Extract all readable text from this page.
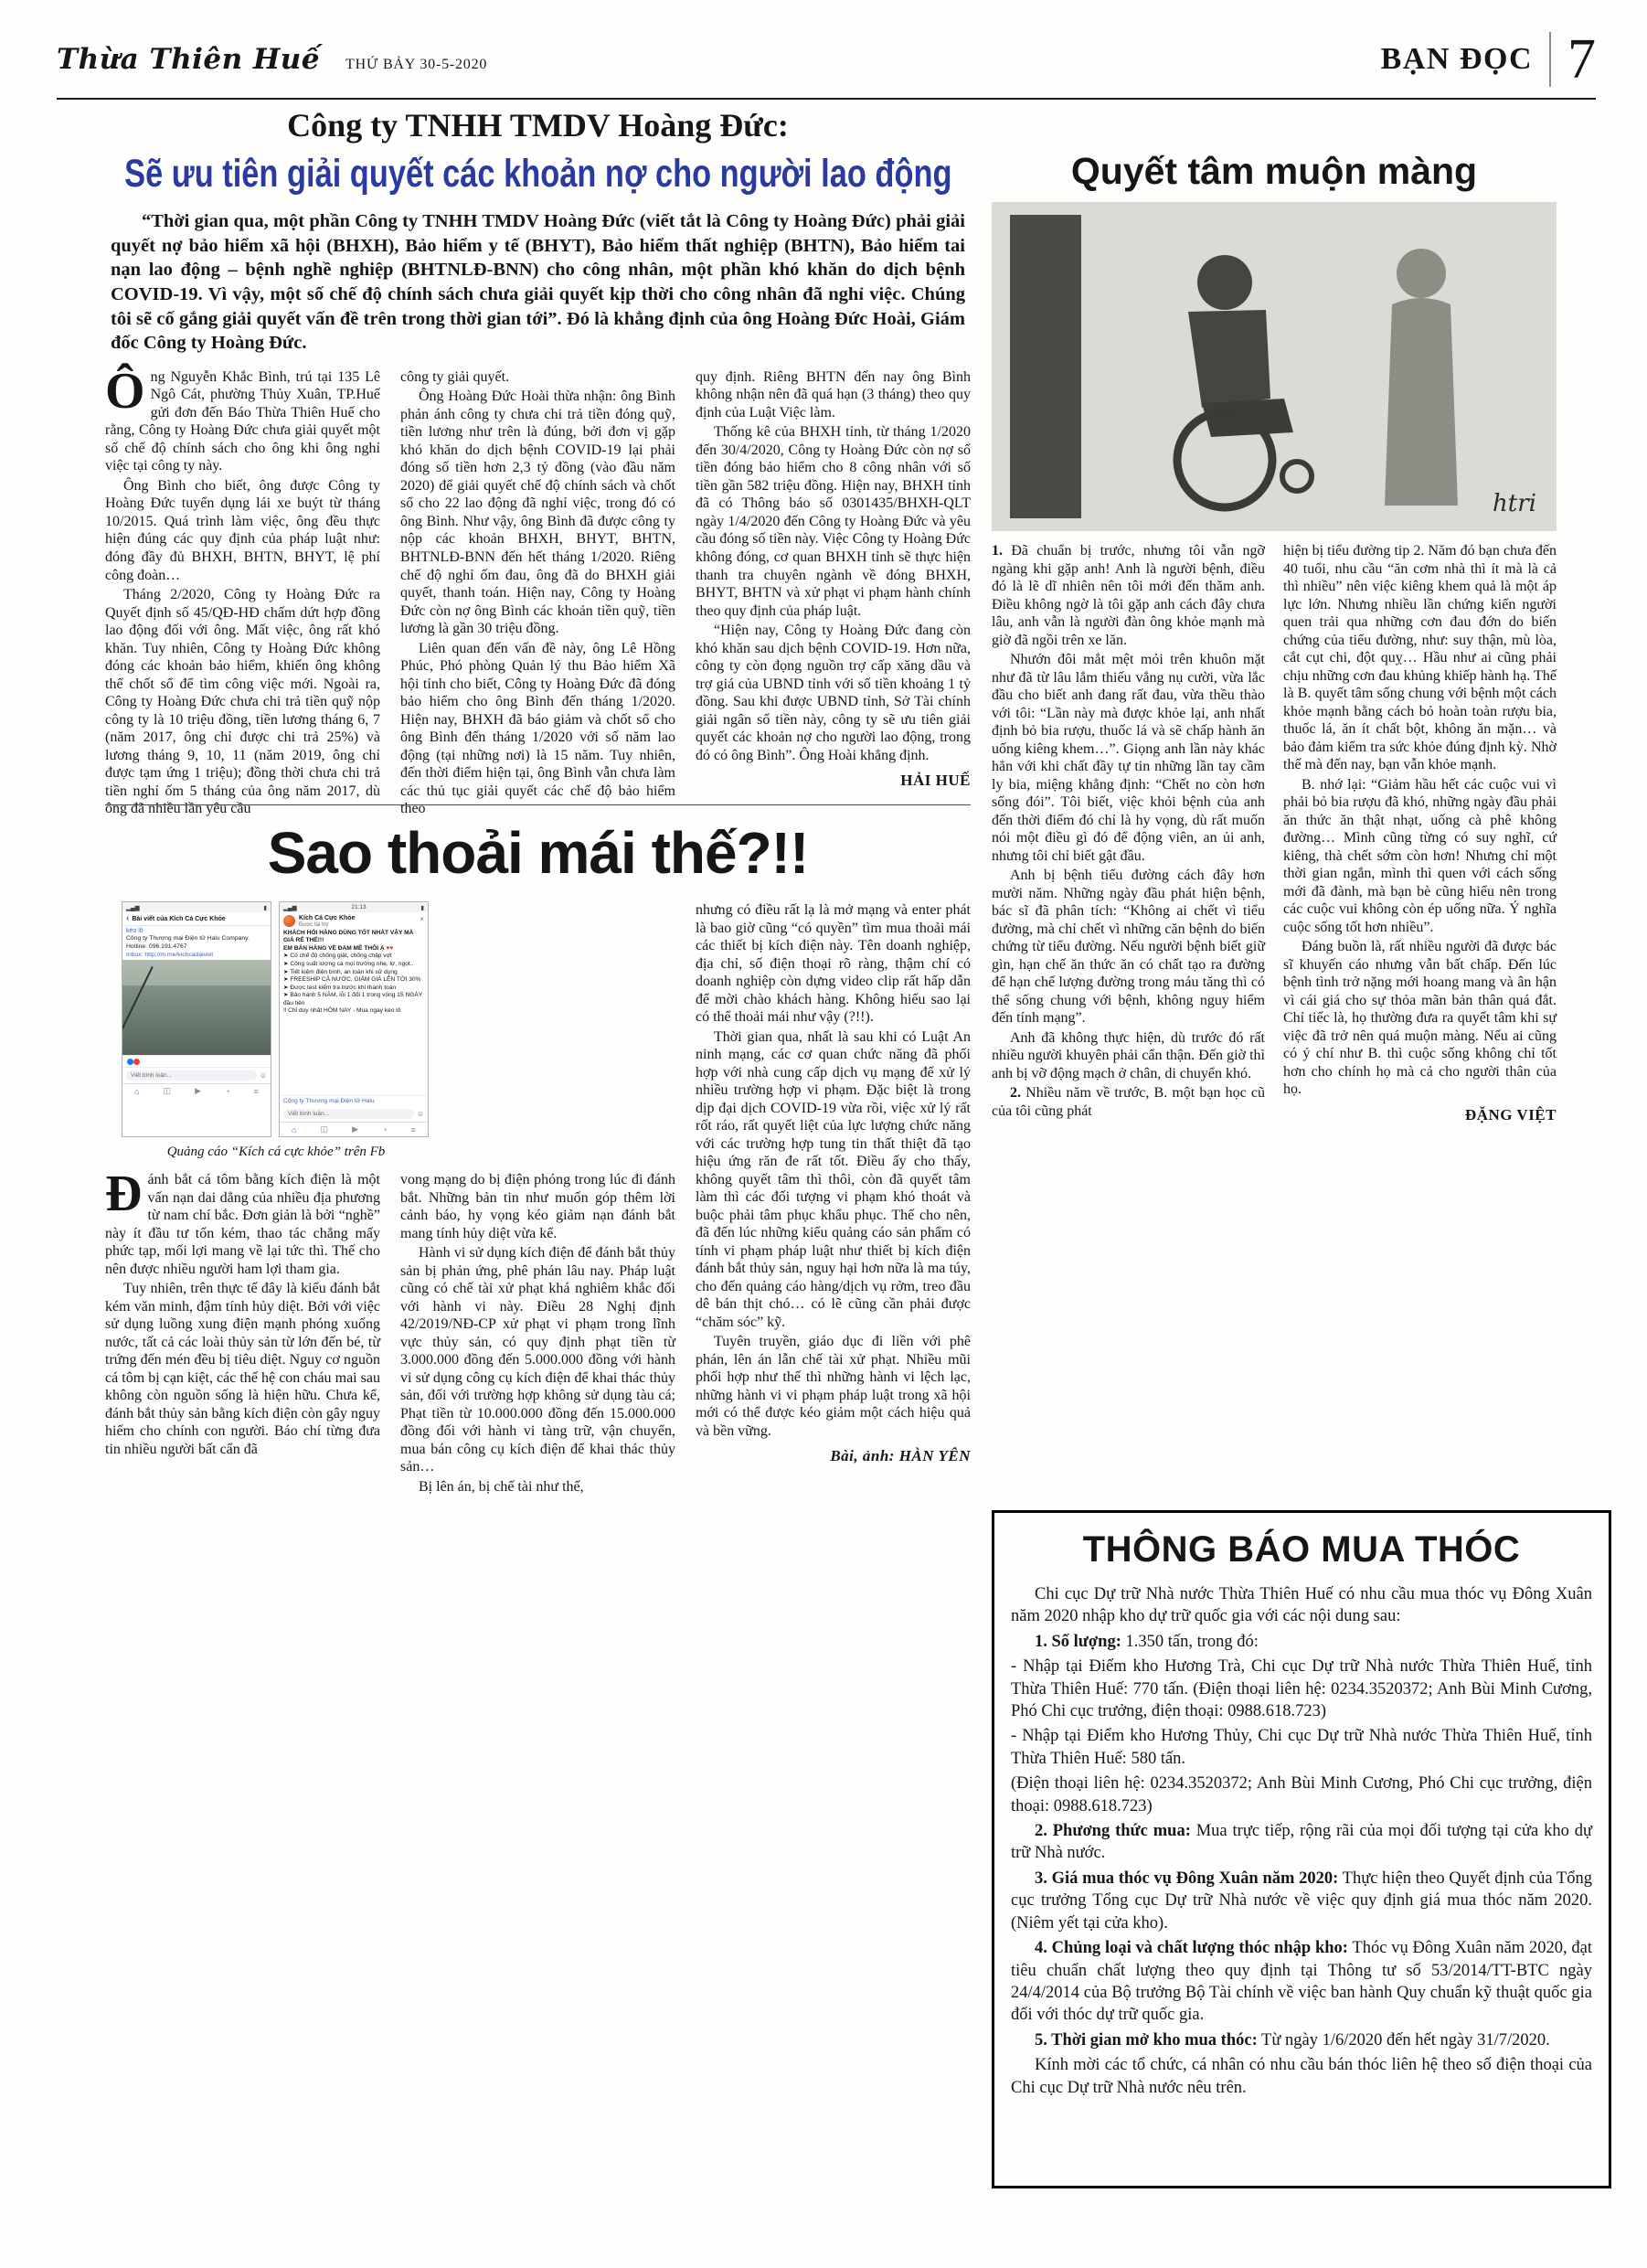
Thừa Thiên Huế THỨ BẢY 30-5-2020	BẠN ĐỌC 7
Công ty TNHH TMDV Hoàng Đức:
Sẽ ưu tiên giải quyết các khoản nợ cho người lao động

“Thời gian qua, một phần Công ty TNHH TMDV Hoàng Đức (viết tắt là Công ty Hoàng Đức) phải giải quyết nợ bảo hiểm xã hội (BHXH), Bảo hiểm y tế (BHYT), Bảo hiểm thất nghiệp (BHTN), Bảo hiểm tai nạn lao động – bệnh nghề nghiệp (BHTNLĐ-BNN) cho công nhân, một phần khó khăn do dịch bệnh COVID-19. Vì vậy, một số chế độ chính sách chưa giải quyết kịp thời cho công nhân đã nghỉ việc. Chúng tôi sẽ cố gắng giải quyết vấn đề trên trong thời gian tới”. Đó là khẳng định của ông Hoàng Đức Hoài, Giám đốc Công ty Hoàng Đức.

Ông Nguyễn Khắc Bình, trú tại 135 Lê Ngô Cát, phường Thủy Xuân, TP.Huế gửi đơn đến Báo Thừa Thiên Huế cho rằng, Công ty Hoàng Đức chưa giải quyết một số chế độ chính sách cho ông khi ông nghỉ việc tại công ty này.

Ông Bình cho biết, ông được Công ty Hoàng Đức tuyển dụng lái xe buýt từ tháng 10/2015. Quá trình làm việc, ông đều thực hiện đúng các quy định của pháp luật như: đóng đầy đủ BHXH, BHTN, BHYT, lệ phí công đoàn…

Tháng 2/2020, Công ty Hoàng Đức ra Quyết định số 45/QĐ-HĐ chấm dứt hợp đồng lao động đối với ông. Mất việc, ông rất khó khăn. Tuy nhiên, Công ty Hoàng Đức không đóng các khoản bảo hiểm, khiến ông không thể chốt sổ để tìm công việc mới. Ngoài ra, Công ty Hoàng Đức chưa chi trả tiền quỹ nộp công ty là 10 triệu đồng, tiền lương tháng 6, 7 (năm 2017, ông chỉ được chi trả 25%) và lương tháng 9, 10, 11 (năm 2019, ông chỉ được tạm ứng 1 triệu); đồng thời chưa chi trả tiền nghỉ ốm 5 tháng của ông năm 2017, dù ông đã nhiều lần yêu cầu

công ty giải quyết.

Ông Hoàng Đức Hoài thừa nhận: ông Bình phản ánh công ty chưa chi trả tiền đóng quỹ, tiền lương như trên là đúng, bởi đơn vị gặp khó khăn do dịch bệnh COVID-19 lại phải đóng số tiền hơn 2,3 tỷ đồng (vào đầu năm 2020) để giải quyết chế độ chính sách và chốt sổ cho 22 lao động đã nghỉ việc, trong đó có ông Bình. Như vậy, ông Bình đã được công ty nộp các khoản BHXH, BHYT, BHTN, BHTNLĐ-BNN đến hết tháng 1/2020. Riêng chế độ nghỉ ốm đau, ông đã do BHXH giải quyết, thanh toán. Hiện nay, Công ty Hoàng Đức còn nợ ông Bình các khoản tiền quỹ, tiền lương là gần 30 triệu đồng.

Liên quan đến vấn đề này, ông Lê Hồng Phúc, Phó phòng Quản lý thu Bảo hiểm Xã hội tỉnh cho biết, Công ty Hoàng Đức đã đóng bảo hiểm cho ông Bình đến tháng 1/2020. Hiện nay, BHXH đã báo giảm và chốt sổ cho ông Bình đến tháng 1/2020 với số năm lao động (tại những nơi) là 15 năm. Tuy nhiên, đến thời điểm hiện tại, ông Bình vẫn chưa làm các thủ tục giải quyết các chế độ bảo hiểm theo

quy định. Riêng BHTN đến nay ông Bình không nhận nên đã quá hạn (3 tháng) theo quy định của Luật Việc làm.

Thống kê của BHXH tỉnh, từ tháng 1/2020 đến 30/4/2020, Công ty Hoàng Đức còn nợ số tiền đóng bảo hiểm cho 8 công nhân với số tiền gần 582 triệu đồng. Hiện nay, BHXH tỉnh đã có Thông báo số 0301435/BHXH-QLT ngày 1/4/2020 đến Công ty Hoàng Đức và yêu cầu đóng số tiền này. Việc Công ty Hoàng Đức không đóng, cơ quan BHXH tỉnh sẽ thực hiện thanh tra chuyên ngành về đóng BHXH, BHYT, BHTN và xử phạt vi phạm hành chính theo quy định của pháp luật.

“Hiện nay, Công ty Hoàng Đức đang còn khó khăn sau dịch bệnh COVID-19. Hơn nữa, công ty còn đọng nguồn trợ cấp xăng dầu và trợ giá của UBND tỉnh với số tiền khoảng 1 tỷ đồng. Sau khi được UBND tỉnh, Sở Tài chính giải ngân số tiền này, công ty sẽ ưu tiên giải quyết các khoản nợ cho người lao động, trong đó có ông Bình”. Ông Hoài khẳng định.

HẢI HUẾ
Sao thoải mái thế?!!
▂▄▆	▮
‹ Bài viết của Kích Cá Cực Khỏe
kéo lô
Công ty Thương mại Điện tử Halu Company.
Hotline: 096.191.4767
Inbox: http://m.me/kichcadaiviet
Viết bình luận...	☺
⌂	◫	▶	◔	≡
▂▄▆	21:13	▮
Kích Cá Cực Khỏe
Được tài trợ
×
KHÁCH HỎI HÀNG DÙNG TỐT NHẤT VẬY MÀ GIÁ RẺ THẾ!!!
EM BÁN HÀNG VỀ ĐAM MÊ THÔI Ạ ♥♥

➤ Có chế độ chống giật, chống chập vợt

➤ Công suất lượng cá mọi trường nhẹ, lợ, ngọt..

➤ Tiết kiệm điện bình, an toàn khi sử dụng

➤ FREESHIP CẢ NƯỚC, GIẢM GIÁ LÊN TỚI 30%

➤ Được test kiểm tra trước khi thanh toán

➤ Bảo hành 5 NĂM, lỗi 1 đổi 1 trong vòng 15 NGÀY đầu tiên

‼ Chỉ duy nhất HÔM NAY - Mua ngay kéo lô

Công ty Thương mại Điện tử Halu
Viết bình luận...	☺
⌂	◫	▶	◔	≡
Quảng cáo “Kích cá cực khỏe” trên Fb

Đánh bắt cá tôm bằng kích điện là một vấn nạn dai dẳng của nhiều địa phương từ nam chí bắc. Đơn giản là bởi “nghề” này ít đầu tư tốn kém, thao tác chẳng mấy phức tạp, mối lợi mang về lại tức thì. Thế cho nên được nhiều người ham lợi tham gia.

Tuy nhiên, trên thực tế đây là kiểu đánh bắt kém văn minh, đậm tính hủy diệt. Bởi với việc sử dụng luồng xung điện mạnh phóng xuống nước, tất cả các loài thủy sản từ lớn đến bé, từ trứng đến mén đều bị tiêu diệt. Nguy cơ nguồn cá tôm bị cạn kiệt, các thế hệ con cháu mai sau không còn nguồn sống là hiện hữu. Chưa kể, đánh bắt thủy sản bằng kích điện còn gây nguy hiểm cho chính con người. Báo chí từng đưa tin nhiều người bất cẩn đã

vong mạng do bị điện phóng trong lúc đi đánh bắt. Những bản tin như muốn góp thêm lời cảnh báo, hy vọng kéo giảm nạn đánh bắt mang tính hủy diệt vừa kể.

Hành vi sử dụng kích điện để đánh bắt thủy sản bị phản ứng, phê phán lâu nay. Pháp luật cũng có chế tài xử phạt khá nghiêm khắc đối với hành vi này. Điều 28 Nghị định 42/2019/NĐ-CP xử phạt vi phạm trong lĩnh vực thủy sản, có quy định phạt tiền từ 3.000.000 đồng đến 5.000.000 đồng với hành vi sử dụng công cụ kích điện để khai thác thủy sản, đối với trường hợp không sử dụng tàu cá; Phạt tiền từ 10.000.000 đồng đến 15.000.000 đồng đối với hành vi tàng trữ, vận chuyển, mua bán công cụ kích điện để khai thác thủy sản…

Bị lên án, bị chế tài như thế,

nhưng có điều rất lạ là mở mạng và enter phát là bao giờ cũng “có quyền” tìm mua thoải mái các thiết bị kích điện này. Tên doanh nghiệp, địa chỉ, số điện thoại rõ ràng, thậm chí có doanh nghiệp còn dựng video clip rất hấp dẫn để mời chào khách hàng. Không hiểu sao lại có thể thoải mái như vậy (?!!).

Thời gian qua, nhất là sau khi có Luật An ninh mạng, các cơ quan chức năng đã phối hợp với nhà cung cấp dịch vụ mạng để xử lý nhiều trường hợp vi phạm. Đặc biệt là trong dịp đại dịch COVID-19 vừa rồi, việc xử lý rất rốt ráo, rất quyết liệt của lực lượng chức năng với các trường hợp tung tin thất thiệt đã tạo hiệu ứng răn đe rất tốt. Điều ấy cho thấy, không quyết tâm thì thôi, còn đã quyết tâm làm thì các đối tượng vi phạm khó thoát và buộc phải tâm phục khẩu phục. Thế cho nên, đã đến lúc những kiểu quảng cáo sản phẩm có tính vi phạm pháp luật như thiết bị kích điện đánh bắt thủy sản, nguy hại hơn nữa là ma túy, cho đến quảng cáo hàng/dịch vụ rởm, treo đầu dê bán thịt chó… có lẽ cũng cần phải được “chăm sóc” kỹ.

Tuyên truyền, giáo dục đi liền với phê phán, lên án lẫn chế tài xử phạt. Nhiều mũi phối hợp như thế thì những hành vi lệch lạc, những hành vi vi phạm pháp luật trong xã hội mới có thể được kéo giảm một cách hiệu quả và bền vững.

Bài, ảnh: HÀN YÊN
Quyết tâm muộn màng
htri

1. Đã chuẩn bị trước, nhưng tôi vẫn ngỡ ngàng khi gặp anh! Anh là người bệnh, điều đó là lẽ dĩ nhiên nên tôi mới đến thăm anh. Điều không ngờ là tôi gặp anh cách đây chưa lâu, anh vẫn là người đàn ông khỏe mạnh mà giờ đã ngồi trên xe lăn.

Nhướn đôi mắt mệt mỏi trên khuôn mặt như đã từ lâu lắm thiếu vắng nụ cười, vừa lắc đầu cho biết anh đang rất đau, vừa thều thào với tôi: “Lần này mà được khỏe lại, anh nhất định bỏ bia rượu, thuốc lá và sẽ chấp hành ăn uống kiêng khem…”. Giọng anh lần này khác hẳn với khi chất đầy tự tin những lần tay cầm ly bia, miệng khẳng định: “Chết no còn hơn sống đói”. Tôi biết, việc khỏi bệnh của anh đến thời điểm đó chỉ là hy vọng, dù rất muốn nói một điều gì đó để động viên, an ủi anh, nhưng tôi chỉ biết gật đầu.

Anh bị bệnh tiểu đường cách đây hơn mười năm. Những ngày đầu phát hiện bệnh, bác sĩ đã phân tích: “Không ai chết vì tiểu đường, mà chỉ chết vì những căn bệnh do biến chứng từ tiểu đường. Nếu người bệnh biết giữ gìn, hạn chế ăn thức ăn có chất tạo ra đường để hạn chế lượng đường trong máu tăng thì có thể sống chung với bệnh, không nguy hiểm đến tính mạng”.

Anh đã không thực hiện, dù trước đó rất nhiều người khuyên phải cẩn thận. Đến giờ thì anh bị vỡ động mạch ở chân, di chuyển khó.

2. Nhiều năm về trước, B. một bạn học cũ của tôi cũng phát

hiện bị tiểu đường tip 2. Năm đó bạn chưa đến 40 tuổi, nhu cầu “ăn cơm nhà thì ít mà là cả thì nhiều” nên việc kiêng khem quả là một áp lực lớn. Nhưng nhiều lần chứng kiến người quen trải qua những cơn đau đớn do biến chứng của tiểu đường, như: suy thận, mù lòa, cắt cụt chi, đột quỵ… Hầu như ai cũng phải chịu những cơn đau khủng khiếp hành hạ. Thế là B. quyết tâm sống chung với bệnh một cách khỏe mạnh bằng cách bỏ hoàn toàn rượu bia, thuốc lá, ăn ít chất bột, không ăn mặn… và bảo đảm kiểm tra sức khỏe đúng định kỳ. Nhờ thế mà đến nay, bạn vẫn khỏe mạnh.

B. nhớ lại: “Giảm hầu hết các cuộc vui vì phải bỏ bia rượu đã khó, những ngày đầu phải ăn thức ăn thật nhạt, uống cà phê không đường… Mình cũng từng có suy nghĩ, cứ kiêng, thà chết sớm còn hơn! Nhưng chỉ một thời gian ngắn, mình thì quen với cách sống mới đã đành, mà bạn bè cũng hiểu nên trong các cuộc vui không còn ép uống nữa. Ý nghĩa cuộc sống tốt hơn nhiều”.

Đáng buồn là, rất nhiều người đã được bác sĩ khuyến cáo nhưng vẫn bất chấp. Đến lúc bệnh tình trở nặng mới hoang mang và ân hận vì cái giá cho sự thỏa mãn bản thân quá đắt. Chỉ tiếc là, họ thường đưa ra quyết tâm khi sự việc đã trở nên quá muộn màng. Nếu ai cũng có ý chí như B. thì cuộc sống không chỉ tốt hơn cho chính họ mà cả cho người thân của họ.

ĐẶNG VIỆT
THÔNG BÁO MUA THÓC

Chi cục Dự trữ Nhà nước Thừa Thiên Huế có nhu cầu mua thóc vụ Đông Xuân năm 2020 nhập kho dự trữ quốc gia với các nội dung sau:

1. Số lượng: 1.350 tấn, trong đó:

- Nhập tại Điểm kho Hương Trà, Chi cục Dự trữ Nhà nước Thừa Thiên Huế, tỉnh Thừa Thiên Huế: 770 tấn. (Điện thoại liên hệ: 0234.3520372; Anh Bùi Minh Cương, Phó Chi cục trưởng, điện thoại: 0988.618.723)

- Nhập tại Điểm kho Hương Thủy, Chi cục Dự trữ Nhà nước Thừa Thiên Huế, tỉnh Thừa Thiên Huế: 580 tấn.

(Điện thoại liên hệ: 0234.3520372; Anh Bùi Minh Cương, Phó Chi cục trưởng, điện thoại: 0988.618.723)

2. Phương thức mua: Mua trực tiếp, rộng rãi của mọi đối tượng tại cửa kho dự trữ Nhà nước.

3. Giá mua thóc vụ Đông Xuân năm 2020: Thực hiện theo Quyết định của Tổng cục trưởng Tổng cục Dự trữ Nhà nước về việc quy định giá mua thóc năm 2020. (Niêm yết tại cửa kho).

4. Chủng loại và chất lượng thóc nhập kho: Thóc vụ Đông Xuân năm 2020, đạt tiêu chuẩn chất lượng theo quy định tại Thông tư số 53/2014/TT-BTC ngày 24/4/2014 của Bộ trưởng Bộ Tài chính về việc ban hành Quy chuẩn kỹ thuật quốc gia đối với thóc dự trữ quốc gia.

5. Thời gian mở kho mua thóc: Từ ngày 1/6/2020 đến hết ngày 31/7/2020.

Kính mời các tổ chức, cá nhân có nhu cầu bán thóc liên hệ theo số điện thoại của Chi cục Dự trữ Nhà nước nêu trên.
